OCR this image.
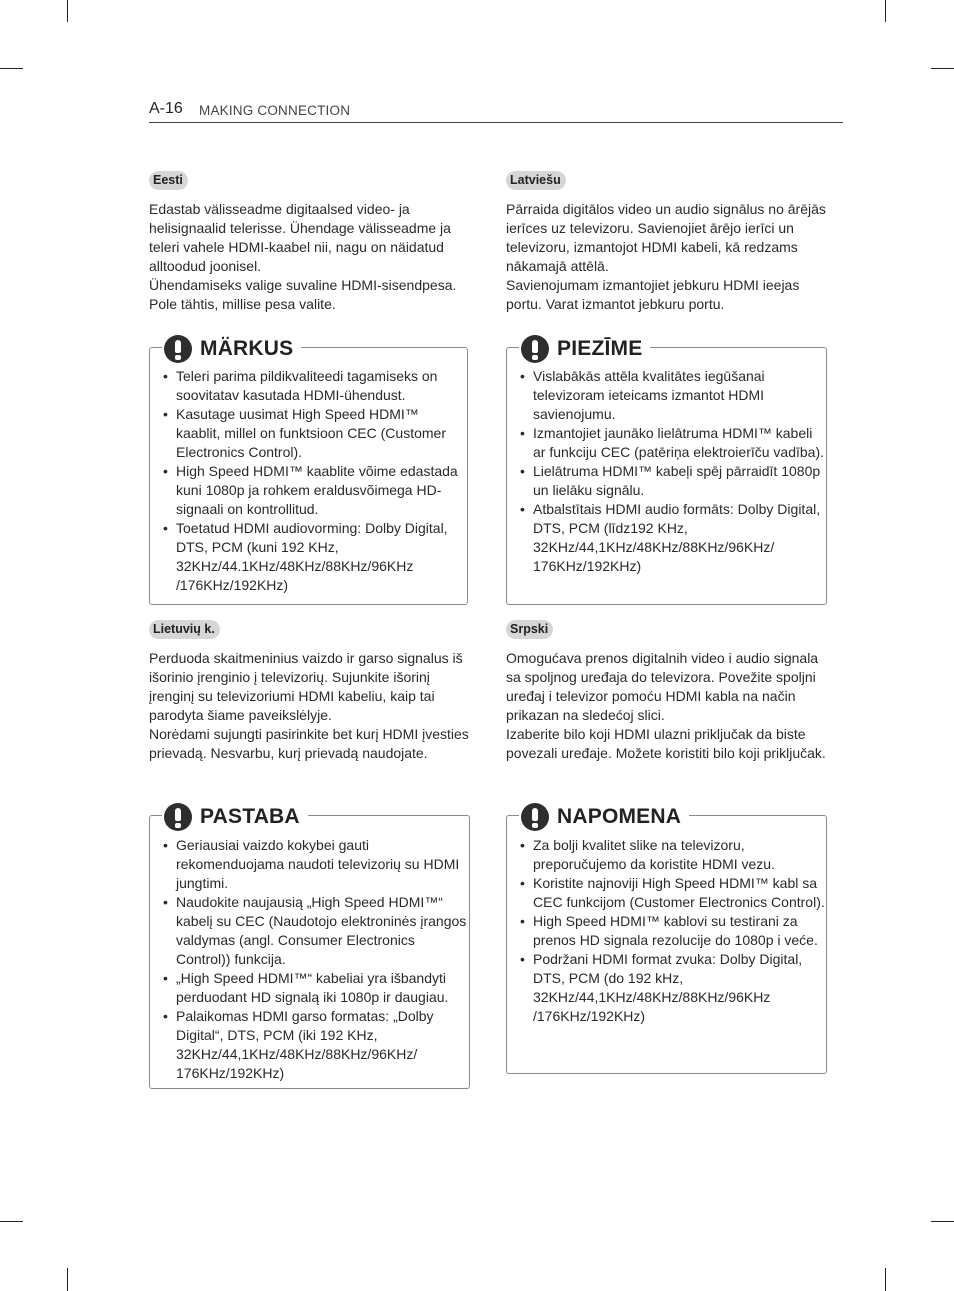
A-16 MAKING CONNECTION
Eesti

Edastab välisseadme digitaalsed video- ja helisignaalid telerisse. Ühendage välisseadme ja teleri vahele HDMI-kaabel nii, nagu on näidatud alltoodud joonisel.
Ühendamiseks valige suvaline HDMI-sisendpesa. Pole tähtis, millise pesa valite.

MÄRKUS
• Teleri parima pildikvaliteedi tagamiseks on soovitatav kasutada HDMI-ühendust.
• Kasutage uusimat High Speed HDMI™ kaablit, millel on funktsioon CEC (Customer Electronics Control).
• High Speed HDMI™ kaablite võime edastada kuni 1080p ja rohkem eraldusvõimega HD-signaali on kontrollitud.
• Toetatud HDMI audiovorming: Dolby Digital, DTS, PCM (kuni 192 KHz, 32KHz/44.1KHz/48KHz/88KHz/96KHz /176KHz/192KHz)
Latviešu

Pārraida digitālos video un audio signālus no ārējās ierīces uz televizoru. Savienojiet ārējo ierīci un televizoru, izmantojot HDMI kabeli, kā redzams nākamajā attēlā.
Savienojumam izmantojiet jebkuru HDMI ieejas portu. Varat izmantot jebkuru portu.

PIEZĪME
• Vislabākās attēla kvalitātes iegūšanai televizoram ieteicams izmantot HDMI savienojumu.
• Izmantojiet jaunāko lielātruma HDMI™ kabeli ar funkciju CEC (patēriņa elektroierīču vadība).
• Lielātruma HDMI™ kabeļi spēj pārraidīt 1080p un lielāku signālu.
• Atbalstītais HDMI audio formāts: Dolby Digital, DTS, PCM (līdz192 KHz, 32KHz/44,1KHz/48KHz/88KHz/96KHz/ 176KHz/192KHz)
Lietuvių k.

Perduoda skaitmeninius vaizdo ir garso signalus iš išorinio įrenginio į televizorių. Sujunkite išorinį įrenginį su televizoriumi HDMI kabeliu, kaip tai parodyta šiame paveikslėlyje.
Norėdami sujungti pasirinkite bet kurį HDMI įvesties prievadą. Nesvarbu, kurį prievadą naudojate.

PASTABA
• Geriausiai vaizdo kokybei gauti rekomenduojama naudoti televizorių su HDMI jungtimi.
• Naudokite naujausią „High Speed HDMI™“ kabelį su CEC (Naudotojo elektroninės įrangos valdymas (angl. Consumer Electronics Control)) funkcija.
• „High Speed HDMI™“ kabeliai yra išbandyti perduodant HD signalą iki 1080p ir daugiau.
• Palaikomas HDMI garso formatas: „Dolby Digital“, DTS, PCM (iki 192 KHz, 32KHz/44,1KHz/48KHz/88KHz/96KHz/ 176KHz/192KHz)
Srpski

Omogućava prenos digitalnih video i audio signala sa spoljnog uređaja do televizora. Povežite spoljni uređaj i televizor pomoću HDMI kabla na način prikazan na sledećoj slici.
Izaberite bilo koji HDMI ulazni priključak da biste povezali uređaje. Možete koristiti bilo koji priključak.

NAPOMENA
• Za bolji kvalitet slike na televizoru, preporučujemo da koristite HDMI vezu.
• Koristite najnoviji High Speed HDMI™ kabl sa CEC funkcijom (Customer Electronics Control).
• High Speed HDMI™ kablovi su testirani za prenos HD signala rezolucije do 1080p i veće.
• Podržani HDMI format zvuka: Dolby Digital, DTS, PCM (do 192 kHz, 32KHz/44,1KHz/48KHz/88KHz/96KHz /176KHz/192KHz)
